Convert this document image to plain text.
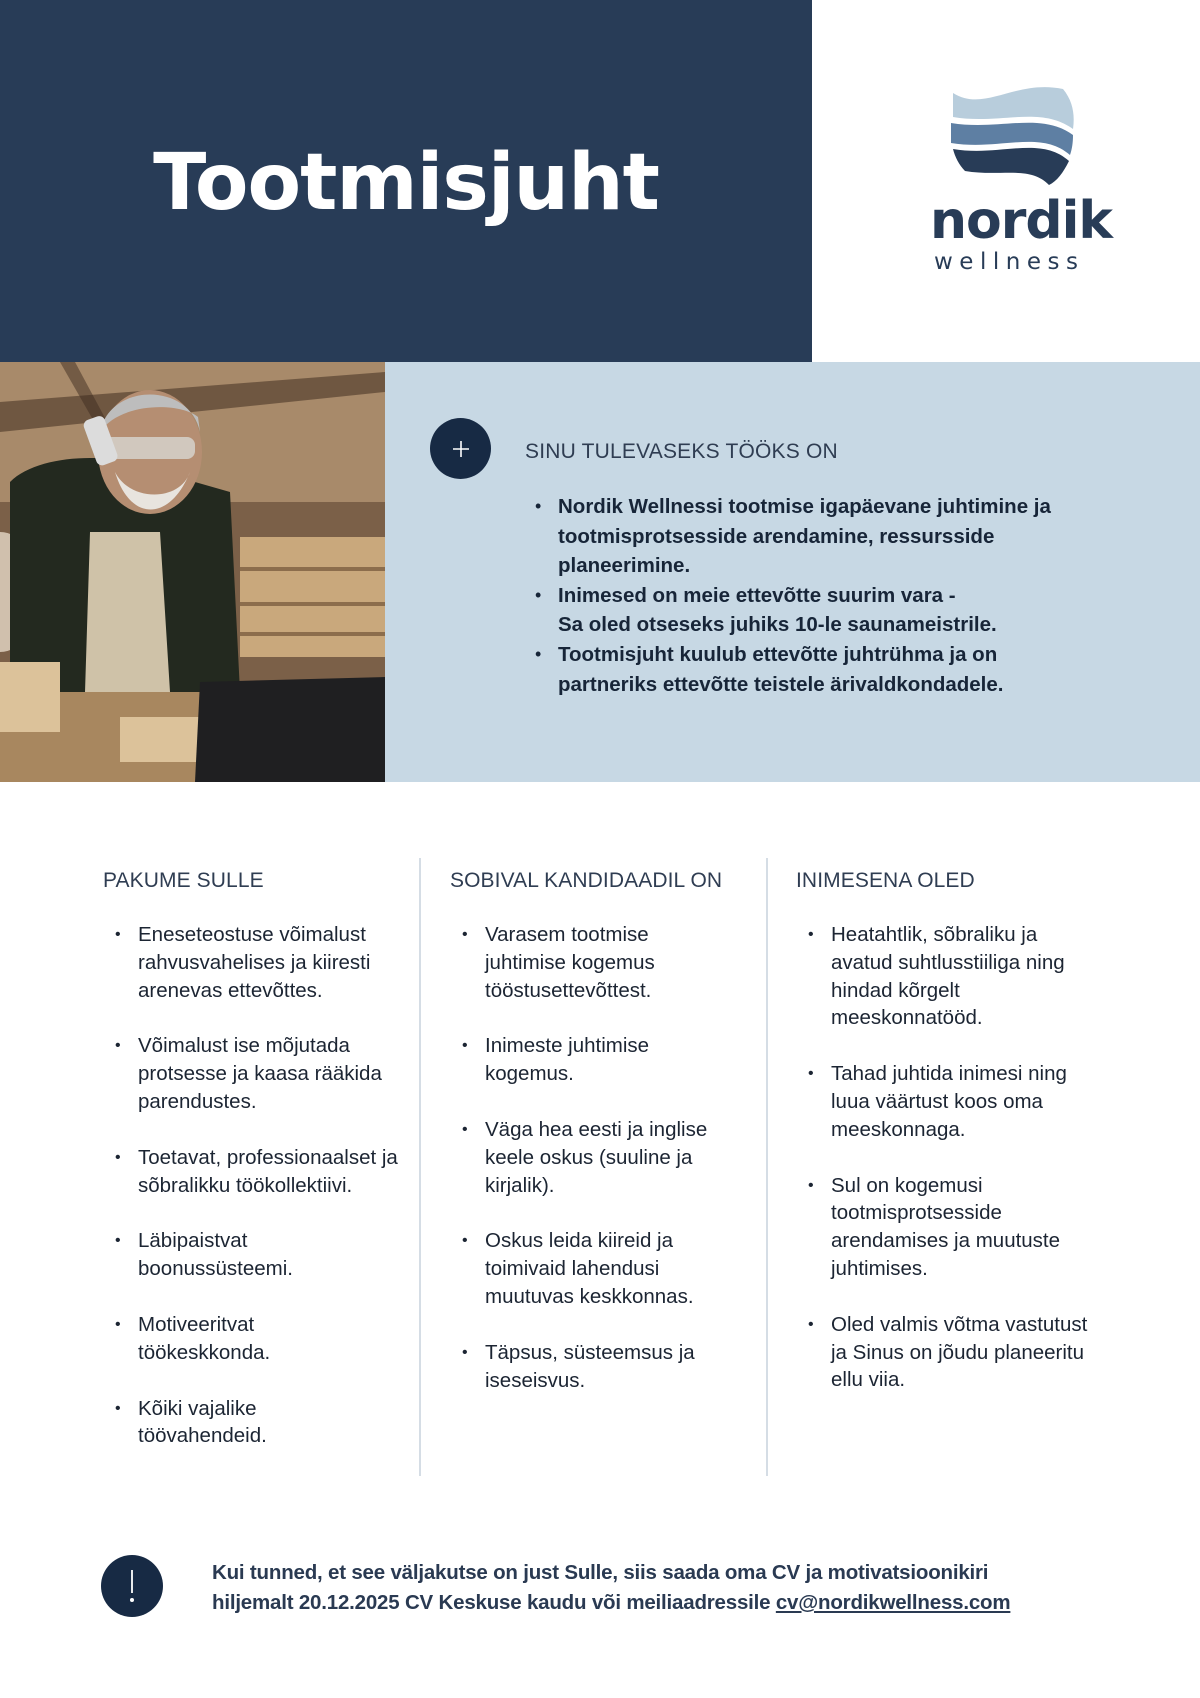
Tootmisjuht	nordik
wellness
SINU TULEVASEKS TÖÖKS ON
• Nordik Wellnessi tootmise igapäevane juhtimine ja
tootmisprotsesside arendamine, ressursside
planeerimine.
• Inimesed on meie ettevõtte suurim vara -
Sa oled otseseks juhiks 10-le saunameistrile.
• Tootmisjuht kuulub ettevõtte juhtrühma ja on
partneriks ettevõtte teistele ärivaldkondadele.
PAKUME SULLE
• Eneseteostuse võimalust rahvusvahelises ja kiiresti arenevas ettevõttes.
• Võimalust ise mõjutada protsesse ja kaasa rääkida parendustes.
• Toetavat, professionaalset ja sõbralikku töökollektiivi.
• Läbipaistvat boonussüsteemi.
• Motiveeritvat töökeskkonda.
• Kõiki vajalike töövahendeid.
SOBIVAL KANDIDAADIL ON
• Varasem tootmise juhtimise kogemus tööstusettevõttest.
• Inimeste juhtimise kogemus.
• Väga hea eesti ja inglise keele oskus (suuline ja kirjalik).
• Oskus leida kiireid ja toimivaid lahendusi muutuvas keskkonnas.
• Täpsus, süsteemsus ja iseseisvus.
INIMESENA OLED
• Heatahtlik, sõbraliku ja avatud suhtlusstiiliga ning hindad kõrgelt meeskonnatööd.
• Tahad juhtida inimesi ning luua väärtust koos oma meeskonnaga.
• Sul on kogemusi tootmisprotsesside arendamises ja muutuste juhtimises.
• Oled valmis võtma vastutust ja Sinus on jõudu planeeritu ellu viia.
Kui tunned, et see väljakutse on just Sulle, siis saada oma CV ja motivatsioonikiri
hiljemalt 20.12.2025 CV Keskuse kaudu või meiliaadressile cv@nordikwellness.com
